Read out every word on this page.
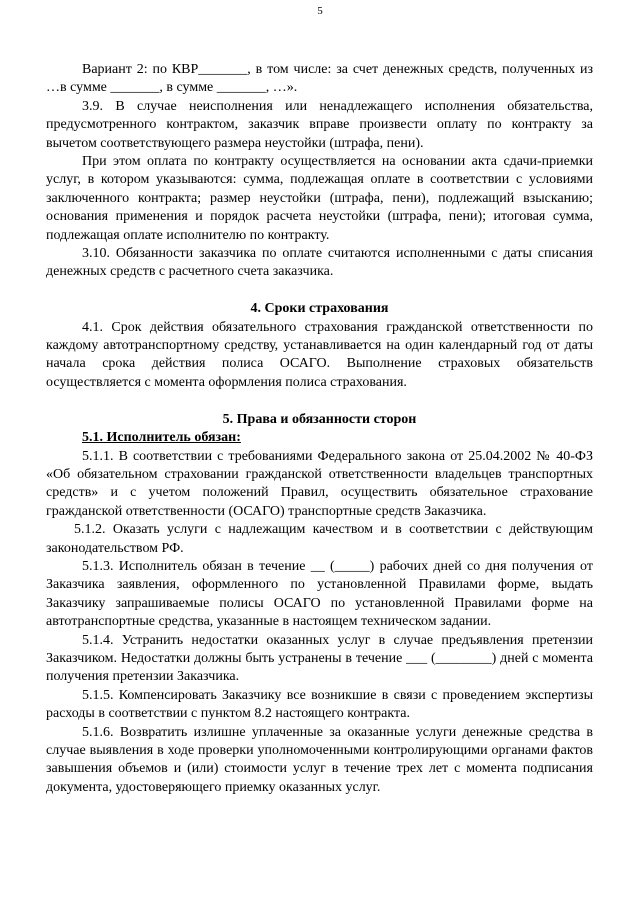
5

Вариант 2: по КВР_______, в том числе: за счет денежных средств, полученных из …в сумме _______, в сумме _______, …».

3.9. В случае неисполнения или ненадлежащего исполнения обязательства, предусмотренного контрактом, заказчик вправе произвести оплату по контракту за вычетом соответствующего размера неустойки (штрафа, пени).

При этом оплата по контракту осуществляется на основании акта сдачи-приемки услуг, в котором указываются: сумма, подлежащая оплате в соответствии с условиями заключенного контракта; размер неустойки (штрафа, пени), подлежащий взысканию; основания применения и порядок расчета неустойки (штрафа, пени); итоговая сумма, подлежащая оплате исполнителю по контракту.

3.10. Обязанности заказчика по оплате считаются исполненными с даты списания денежных средств с расчетного счета заказчика.

4. Сроки страхования

4.1. Срок действия обязательного страхования гражданской ответственности по каждому автотранспортному средству, устанавливается на один календарный год от даты начала срока действия полиса ОСАГО. Выполнение страховых обязательств осуществляется с момента оформления полиса страхования.

5. Права и обязанности сторон

5.1. Исполнитель обязан:

5.1.1. В соответствии с требованиями Федерального закона от 25.04.2002 № 40-ФЗ «Об обязательном страховании гражданской ответственности владельцев транспортных средств» и с учетом положений Правил, осуществить обязательное страхование гражданской ответственности (ОСАГО) транспортные средств Заказчика.

5.1.2. Оказать услуги с надлежащим качеством и в соответствии с действующим законодательством РФ.

5.1.3. Исполнитель обязан в течение __ (_____) рабочих дней со дня получения от Заказчика заявления, оформленного по установленной Правилами форме, выдать Заказчику запрашиваемые полисы ОСАГО по установленной Правилами форме на автотранспортные средства, указанные в настоящем техническом задании.

5.1.4. Устранить недостатки оказанных услуг в случае предъявления претензии Заказчиком. Недостатки должны быть устранены в течение ___ (________) дней с момента получения претензии Заказчика.

5.1.5. Компенсировать Заказчику все возникшие в связи с проведением экспертизы расходы в соответствии с пунктом 8.2 настоящего контракта.

5.1.6. Возвратить излишне уплаченные за оказанные услуги денежные средства в случае выявления в ходе проверки уполномоченными контролирующими органами фактов завышения объемов и (или) стоимости услуг в течение трех лет с момента подписания документа, удостоверяющего приемку оказанных услуг.
